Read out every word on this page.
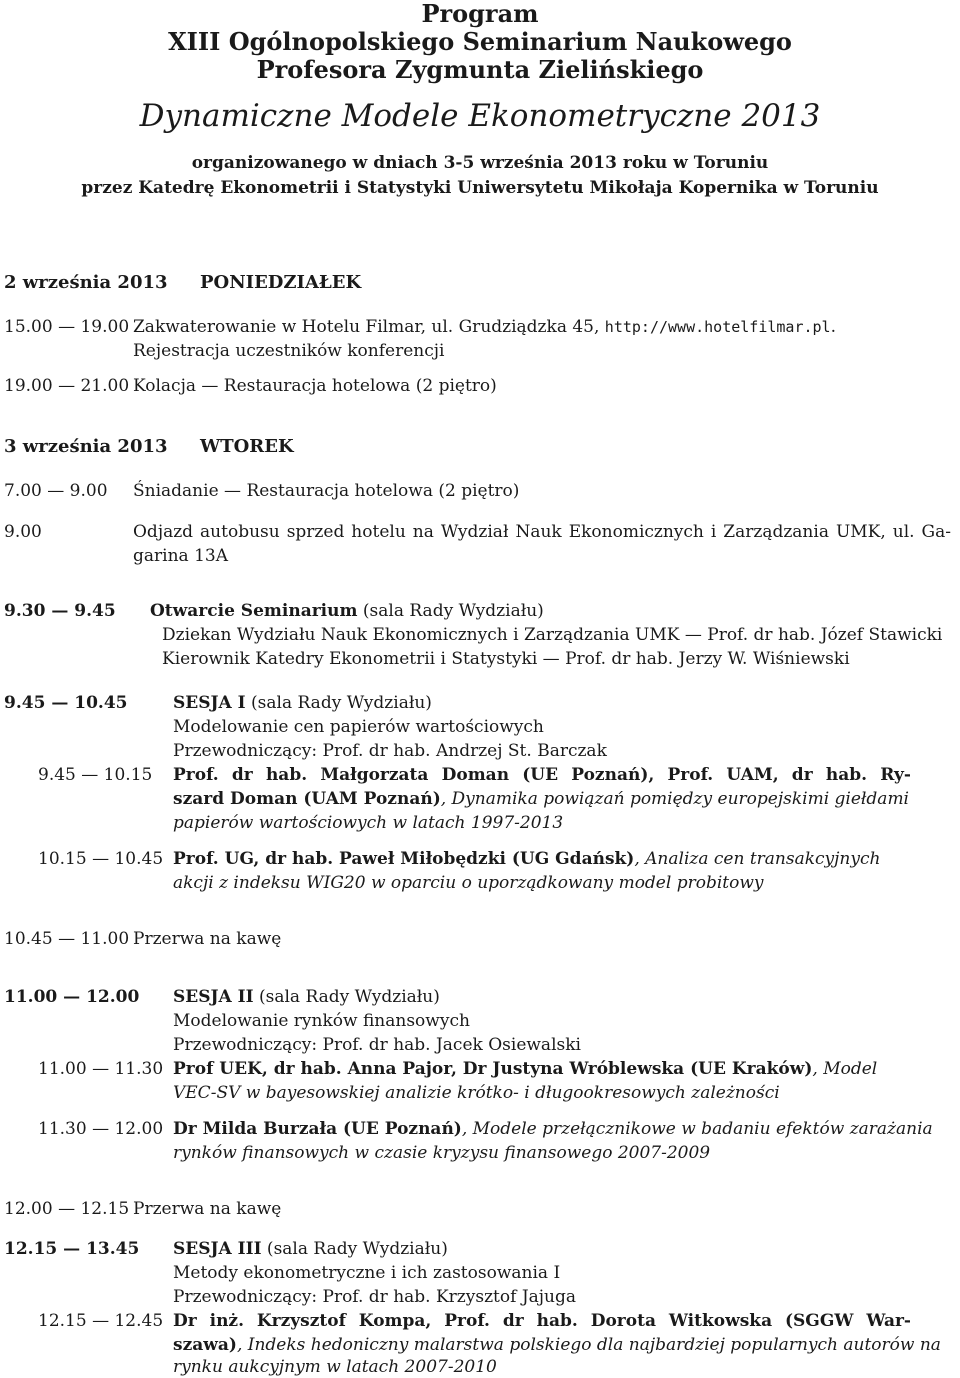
Program
XIII Ogólnopolskiego Seminarium Naukowego
Profesora Zygmunta Zielińskiego
Dynamiczne Modele Ekonometryczne 2013
organizowanego w dniach 3-5 września 2013 roku w Toruniu
przez Katedrę Ekonometrii i Statystyki Uniwersytetu Mikołaja Kopernika w Toruniu
2 września 2013 PONIEDZIAŁEK
15.00 — 19.00 Zakwaterowanie w Hotelu Filmar, ul. Grudziądzka 45, http://www.hotelfilmar.pl.
Rejestracja uczestników konferencji
19.00 — 21.00 Kolacja — Restauracja hotelowa (2 piętro)
3 września 2013 WTOREK
7.00 — 9.00 Śniadanie — Restauracja hotelowa (2 piętro)
9.00	Odjazd autobusu sprzed hotelu na Wydział Nauk Ekonomicznych i Zarządzania UMK, ul. Ga-
garina 13A
9.30 — 9.45 Otwarcie Seminarium (sala Rady Wydziału)
Dziekan Wydziału Nauk Ekonomicznych i Zarządzania UMK — Prof. dr hab. Józef Stawicki
Kierownik Katedry Ekonometrii i Statystyki — Prof. dr hab. Jerzy W. Wiśniewski
9.45 — 10.45	SESJA I (sala Rady Wydziału)
Modelowanie cen papierów wartościowych
Przewodniczący: Prof. dr hab. Andrzej St. Barczak
9.45 — 10.15 Prof. dr hab. Małgorzata Doman (UE Poznań), Prof. UAM, dr hab. Ry-
szard Doman (UAM Poznań), Dynamika powiązań pomiędzy europejskimi giełdami
papierów wartościowych w latach 1997-2013
10.15 — 10.45 Prof. UG, dr hab. Paweł Miłobędzki (UG Gdańsk), Analiza cen transakcyjnych
akcji z indeksu WIG20 w oparciu o uporządkowany model probitowy
10.45 — 11.00 Przerwa na kawę
11.00 — 12.00 SESJA II (sala Rady Wydziału)
Modelowanie rynków finansowych
Przewodniczący: Prof. dr hab. Jacek Osiewalski
11.00 — 11.30 Prof UEK, dr hab. Anna Pajor, Dr Justyna Wróblewska (UE Kraków), Model
VEC-SV w bayesowskiej analizie krótko- i długookresowych zależności
11.30 — 12.00 Dr Milda Burzała (UE Poznań), Modele przełącznikowe w badaniu efektów zarażania
rynków finansowych w czasie kryzysu finansowego 2007-2009
12.00 — 12.15 Przerwa na kawę
12.15 — 13.45 SESJA III (sala Rady Wydziału)
Metody ekonometryczne i ich zastosowania I
Przewodniczący: Prof. dr hab. Krzysztof Jajuga
12.15 — 12.45 Dr inż. Krzysztof Kompa, Prof. dr hab. Dorota Witkowska (SGGW War-
szawa), Indeks hedoniczny malarstwa polskiego dla najbardziej popularnych autorów na
rynku aukcyjnym w latach 2007-2010
